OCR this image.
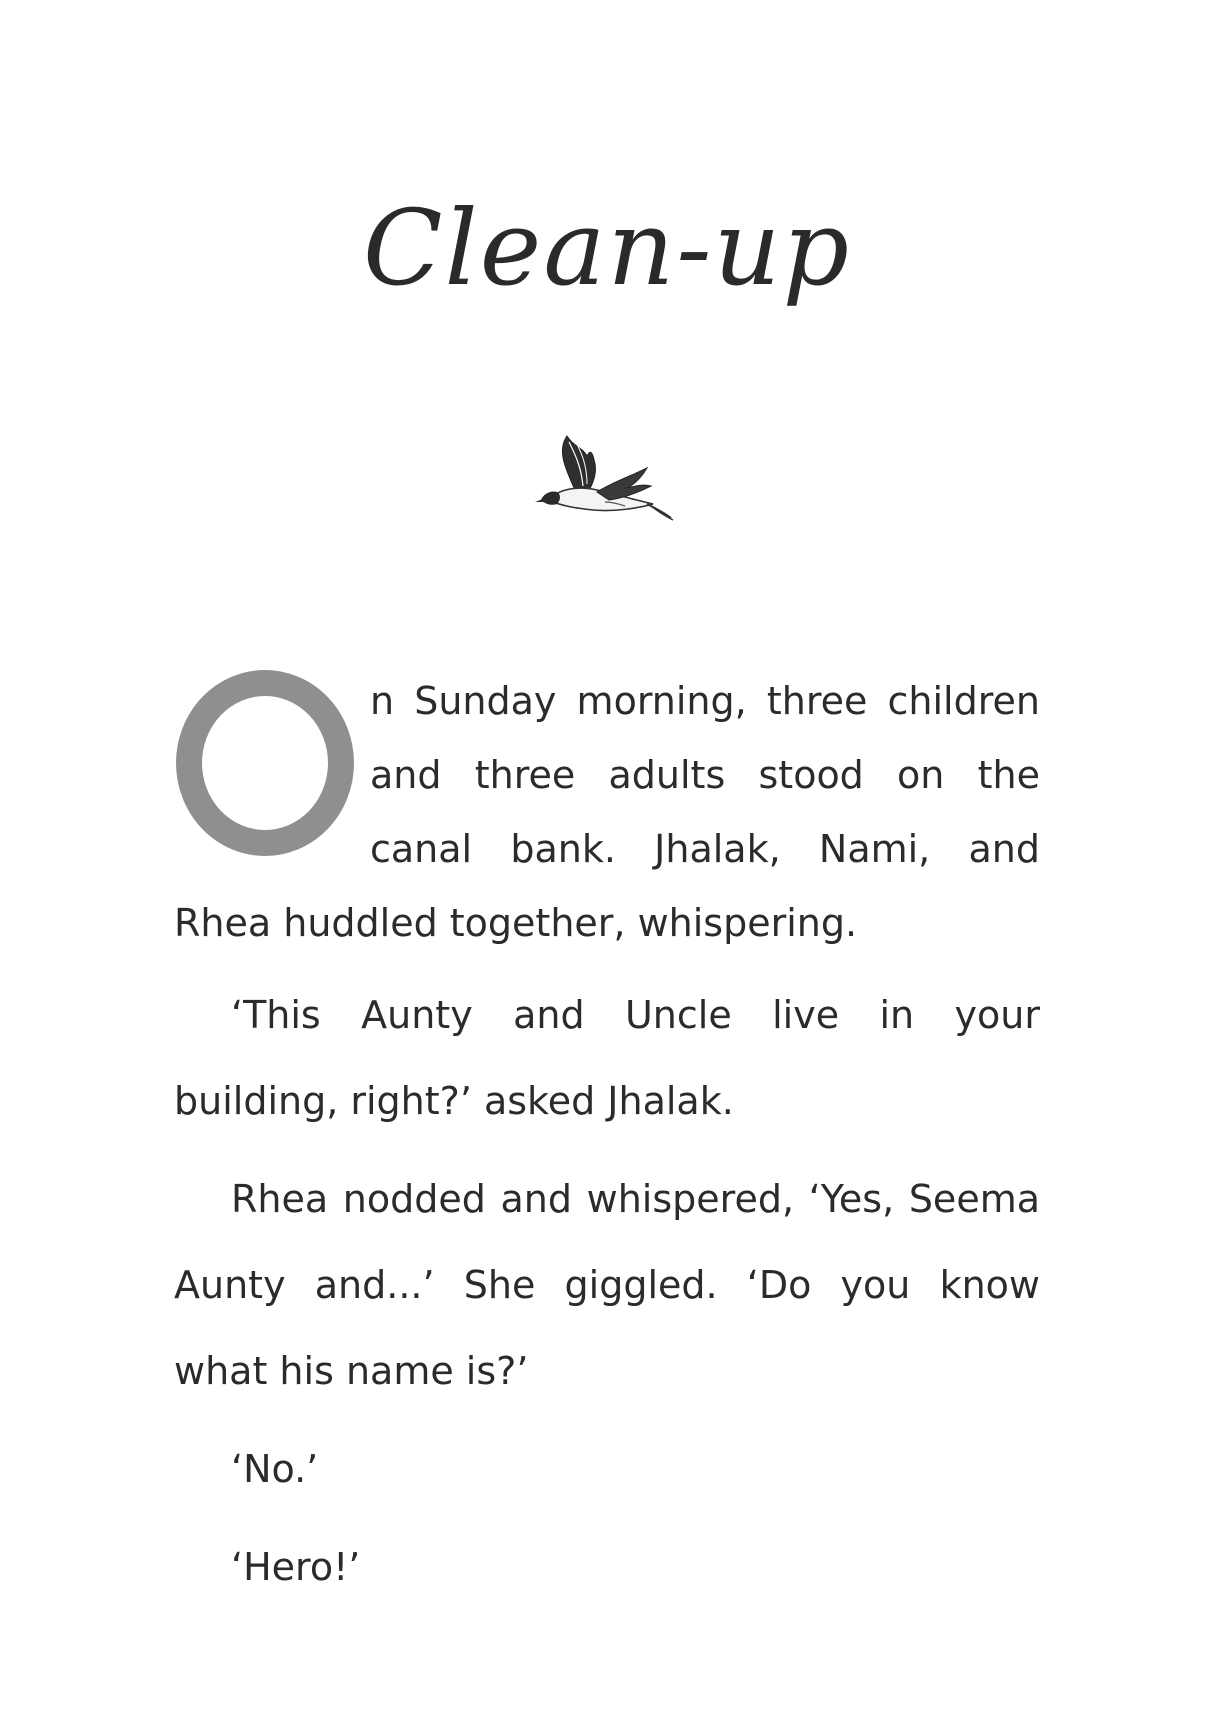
Clean-up

n Sunday morning, three children and three adults stood on the canal bank. Jhalak, Nami, and Rhea huddled together, whispering.

‘This Aunty and Uncle live in your building, right?’ asked Jhalak.

Rhea nodded and whispered, ‘Yes, Seema Aunty and...’ She giggled. ‘Do you know what his name is?’

‘No.’

‘Hero!’
